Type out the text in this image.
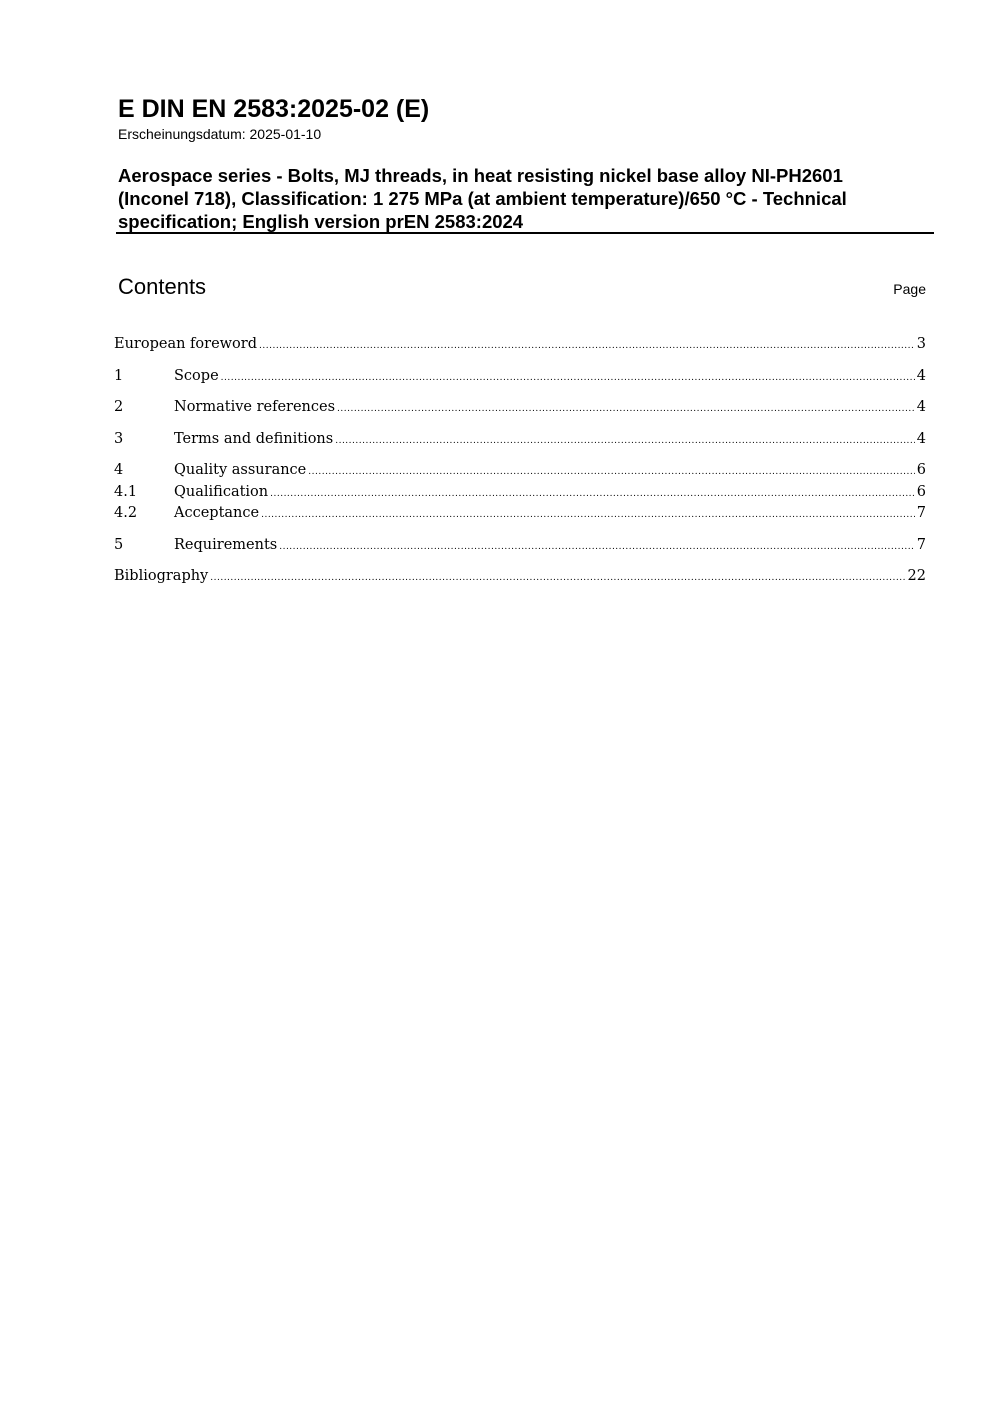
E DIN EN 2583:2025-02 (E)
Erscheinungsdatum: 2025-01-10
Aerospace series - Bolts, MJ threads, in heat resisting nickel base alloy NI-PH2601
(Inconel 718), Classification: 1 275 MPa (at ambient temperature)/650 °C - Technical
specification; English version prEN 2583:2024
Contents	Page
European foreword .....	3
1	Scope .....	4
2	Normative references .....	4
3	Terms and definitions .....	4
4	Quality assurance .....	6
4.1	Qualification .....	6
4.2	Acceptance .....	7
5	Requirements .....	7
Bibliography .....	22
